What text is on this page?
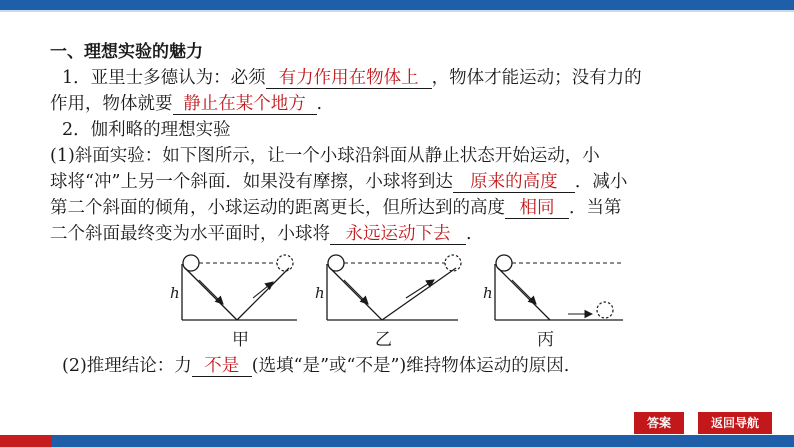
一、理想实验的魅力
1．亚里士多德认为：必须 有力作用在物体上 ，物体才能运动；没有力的
作用，物体就要 静止在某个地方 .
2．伽利略的理想实验
(1)斜面实验：如下图所示，让一个小球沿斜面从静止状态开始运动，小
球将“冲”上另一个斜面．如果没有摩擦，小球将到达 原来的高度 ．减小
第二个斜面的倾角，小球运动的距离更长，但所达到的高度 相同 ．当第
二个斜面最终变为水平面时，小球将 永远运动下去 .
(2)推理结论：力 不是 (选填“是”或“不是”)维持物体运动的原因.
h	h	h
甲	乙	丙
答案	返回导航
